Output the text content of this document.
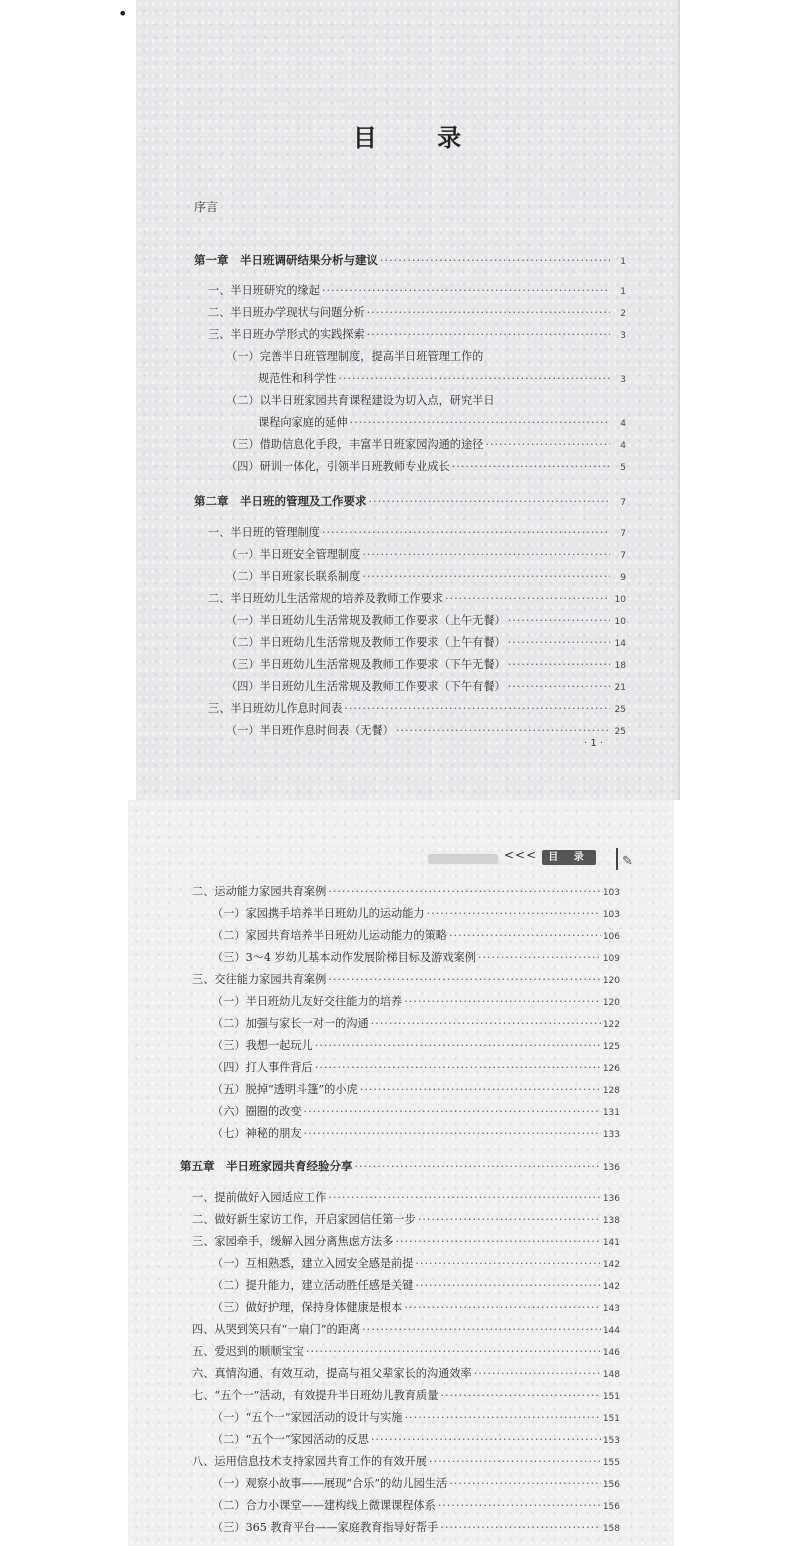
•
目 录
序言
第一章　半日班调研结果分析与建议 ·····	1
一、半日班研究的缘起 ·····	1
二、半日班办学现状与问题分析 ·····	2
三、半日班办学形式的实践探索 ·····	3
（一）完善半日班管理制度，提高半日班管理工作的
规范性和科学性 ·····	3
（二）以半日班家园共育课程建设为切入点，研究半日
课程向家庭的延伸 ·····	4
（三）借助信息化手段，丰富半日班家园沟通的途径 ·····	4
（四）研训一体化，引领半日班教师专业成长 ·····	5
第二章　半日班的管理及工作要求 ·····	7
一、半日班的管理制度 ·····	7
（一）半日班安全管理制度 ·····	7
（二）半日班家长联系制度 ·····	9
二、半日班幼儿生活常规的培养及教师工作要求 ·····	10
（一）半日班幼儿生活常规及教师工作要求（上午无餐） ·····	10
（二）半日班幼儿生活常规及教师工作要求（上午有餐） ·····	14
（三）半日班幼儿生活常规及教师工作要求（下午无餐） ·····	18
（四）半日班幼儿生活常规及教师工作要求（下午有餐） ·····	21
三、半日班幼儿作息时间表 ·····	25
（一）半日班作息时间表（无餐） ·····	25
· 1 ·
<<<	目 录	✎
二、运动能力家园共育案例 ·····	103
（一）家园携手培养半日班幼儿的运动能力 ·····	103
（二）家园共育培养半日班幼儿运动能力的策略 ·····	106
（三）3～4 岁幼儿基本动作发展阶梯目标及游戏案例 ·····	109
三、交往能力家园共育案例 ·····	120
（一）半日班幼儿友好交往能力的培养 ·····	120
（二）加强与家长一对一的沟通 ·····	122
（三）我想一起玩儿 ·····	125
（四）打人事件背后 ·····	126
（五）脱掉“透明斗篷”的小虎 ·····	128
（六）圈圈的改变 ·····	131
（七）神秘的朋友 ·····	133
第五章　半日班家园共育经验分享 ·····	136
一、提前做好入园适应工作 ·····	136
二、做好新生家访工作，开启家园信任第一步 ·····	138
三、家园牵手，缓解入园分离焦虑方法多 ·····	141
（一）互相熟悉，建立入园安全感是前提 ·····	142
（二）提升能力，建立活动胜任感是关键 ·····	142
（三）做好护理，保持身体健康是根本 ·····	143
四、从哭到笑只有“一扇门”的距离 ·····	144
五、爱迟到的顺顺宝宝 ·····	146
六、真情沟通、有效互动，提高与祖父辈家长的沟通效率 ·····	148
七、“五个一”活动，有效提升半日班幼儿教育质量 ·····	151
（一）“五个一”家园活动的设计与实施 ·····	151
（二）“五个一”家园活动的反思 ·····	153
八、运用信息技术支持家园共育工作的有效开展 ·····	155
（一）观察小故事——展现“合乐”的幼儿园生活 ·····	156
（二）合力小课堂——建构线上微课课程体系 ·····	156
（三）365 教育平台——家庭教育指导好帮手 ·····	158
